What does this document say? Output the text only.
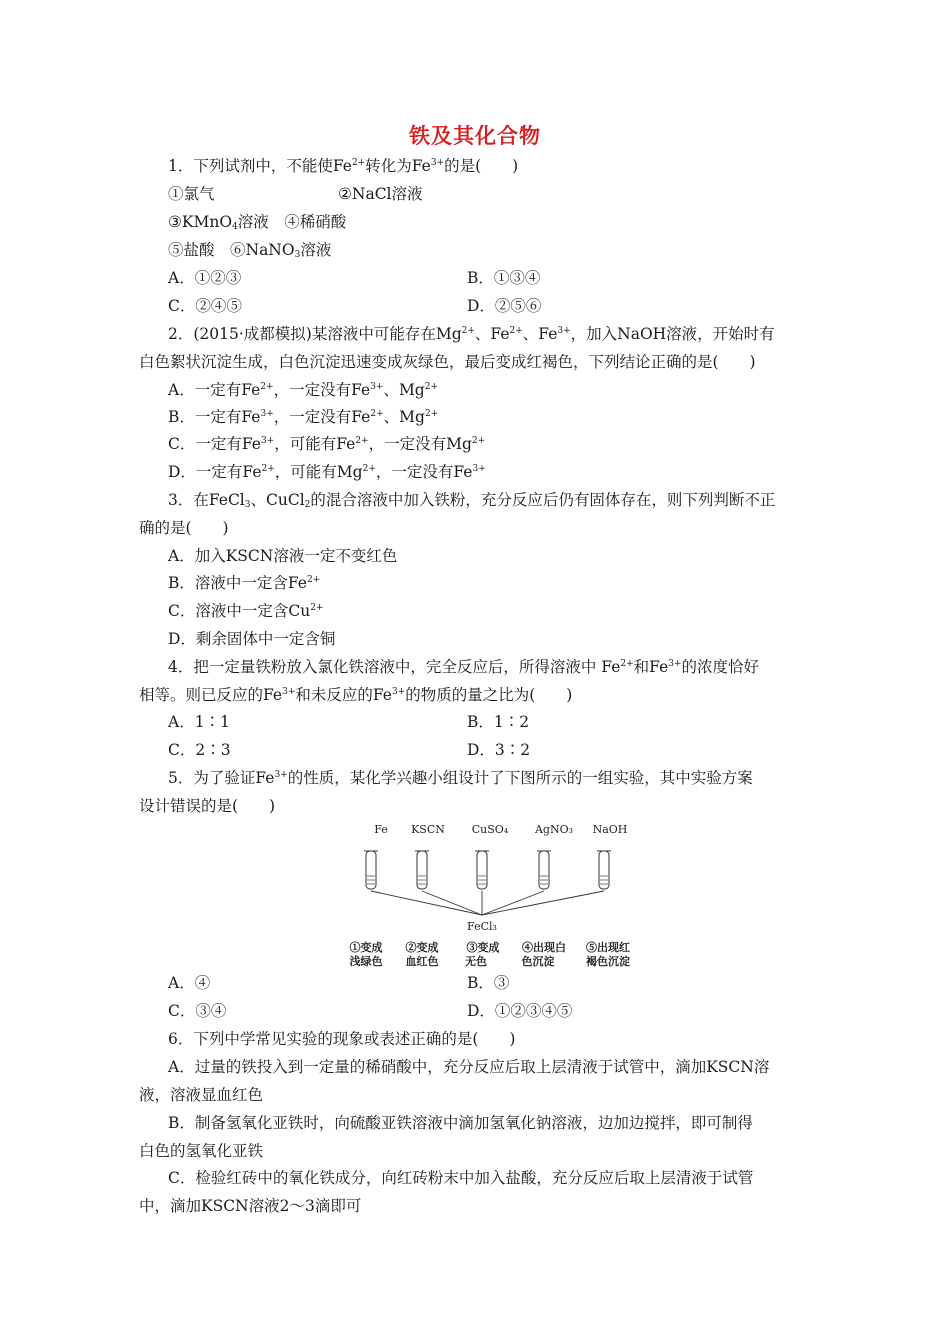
铁及其化合物
1．下列试剂中，不能使$Fe^{2+}$转化为$Fe^{3+}$的是(　　)
①氯气	②NaCl溶液
③KMnO$_4$溶液　④稀硝酸
⑤盐酸　⑥NaNO$_3$溶液
A．①②③	B．①③④
C．②④⑤	D．②⑤⑥
2．(2015·成都模拟)某溶液中可能存在$Mg^{2+}$、$Fe^{2+}$、$Fe^{3+}$，加入NaOH溶液，开始时有
白色絮状沉淀生成，白色沉淀迅速变成灰绿色，最后变成红褐色，下列结论正确的是(　　)
A．一定有$Fe^{2+}$，一定没有$Fe^{3+}$、$Mg^{2+}$
B．一定有$Fe^{3+}$，一定没有$Fe^{2+}$、$Mg^{2+}$
C．一定有$Fe^{3+}$，可能有$Fe^{2+}$，一定没有$Mg^{2+}$
D．一定有$Fe^{2+}$，可能有$Mg^{2+}$，一定没有$Fe^{3+}$
3．在FeCl$_3$、CuCl$_2$的混合溶液中加入铁粉，充分反应后仍有固体存在，则下列判断不正
确的是(　　)
A．加入KSCN溶液一定不变红色
B．溶液中一定含$Fe^{2+}$
C．溶液中一定含$Cu^{2+}$
D．剩余固体中一定含铜
4．把一定量铁粉放入氯化铁溶液中，完全反应后，所得溶液中 $Fe^{2+}$和$Fe^{3+}$的浓度恰好
相等。则已反应的$Fe^{3+}$和未反应的$Fe^{3+}$的物质的量之比为(　　)
A．1∶1	B．1∶2
C．2∶3	D．3∶2
5．为了验证$Fe^{3+}$的性质，某化学兴趣小组设计了下图所示的一组实验，其中实验方案
设计错误的是(　　)
Fe KSCN CuSO₄ AgNO₃ NaOH
FeCl₃
①变成
浅绿色
②变成
血红色
③变成
无色
④出现白
色沉淀
⑤出现红
褐色沉淀
A．④	B．③
C．③④	D．①②③④⑤
6．下列中学常见实验的现象或表述正确的是(　　)
A．过量的铁投入到一定量的稀硝酸中，充分反应后取上层清液于试管中，滴加KSCN溶
液，溶液显血红色
B．制备氢氧化亚铁时，向硫酸亚铁溶液中滴加氢氧化钠溶液，边加边搅拌，即可制得
白色的氢氧化亚铁
C．检验红砖中的氧化铁成分，向红砖粉末中加入盐酸，充分反应后取上层清液于试管
中，滴加KSCN溶液2～3滴即可
